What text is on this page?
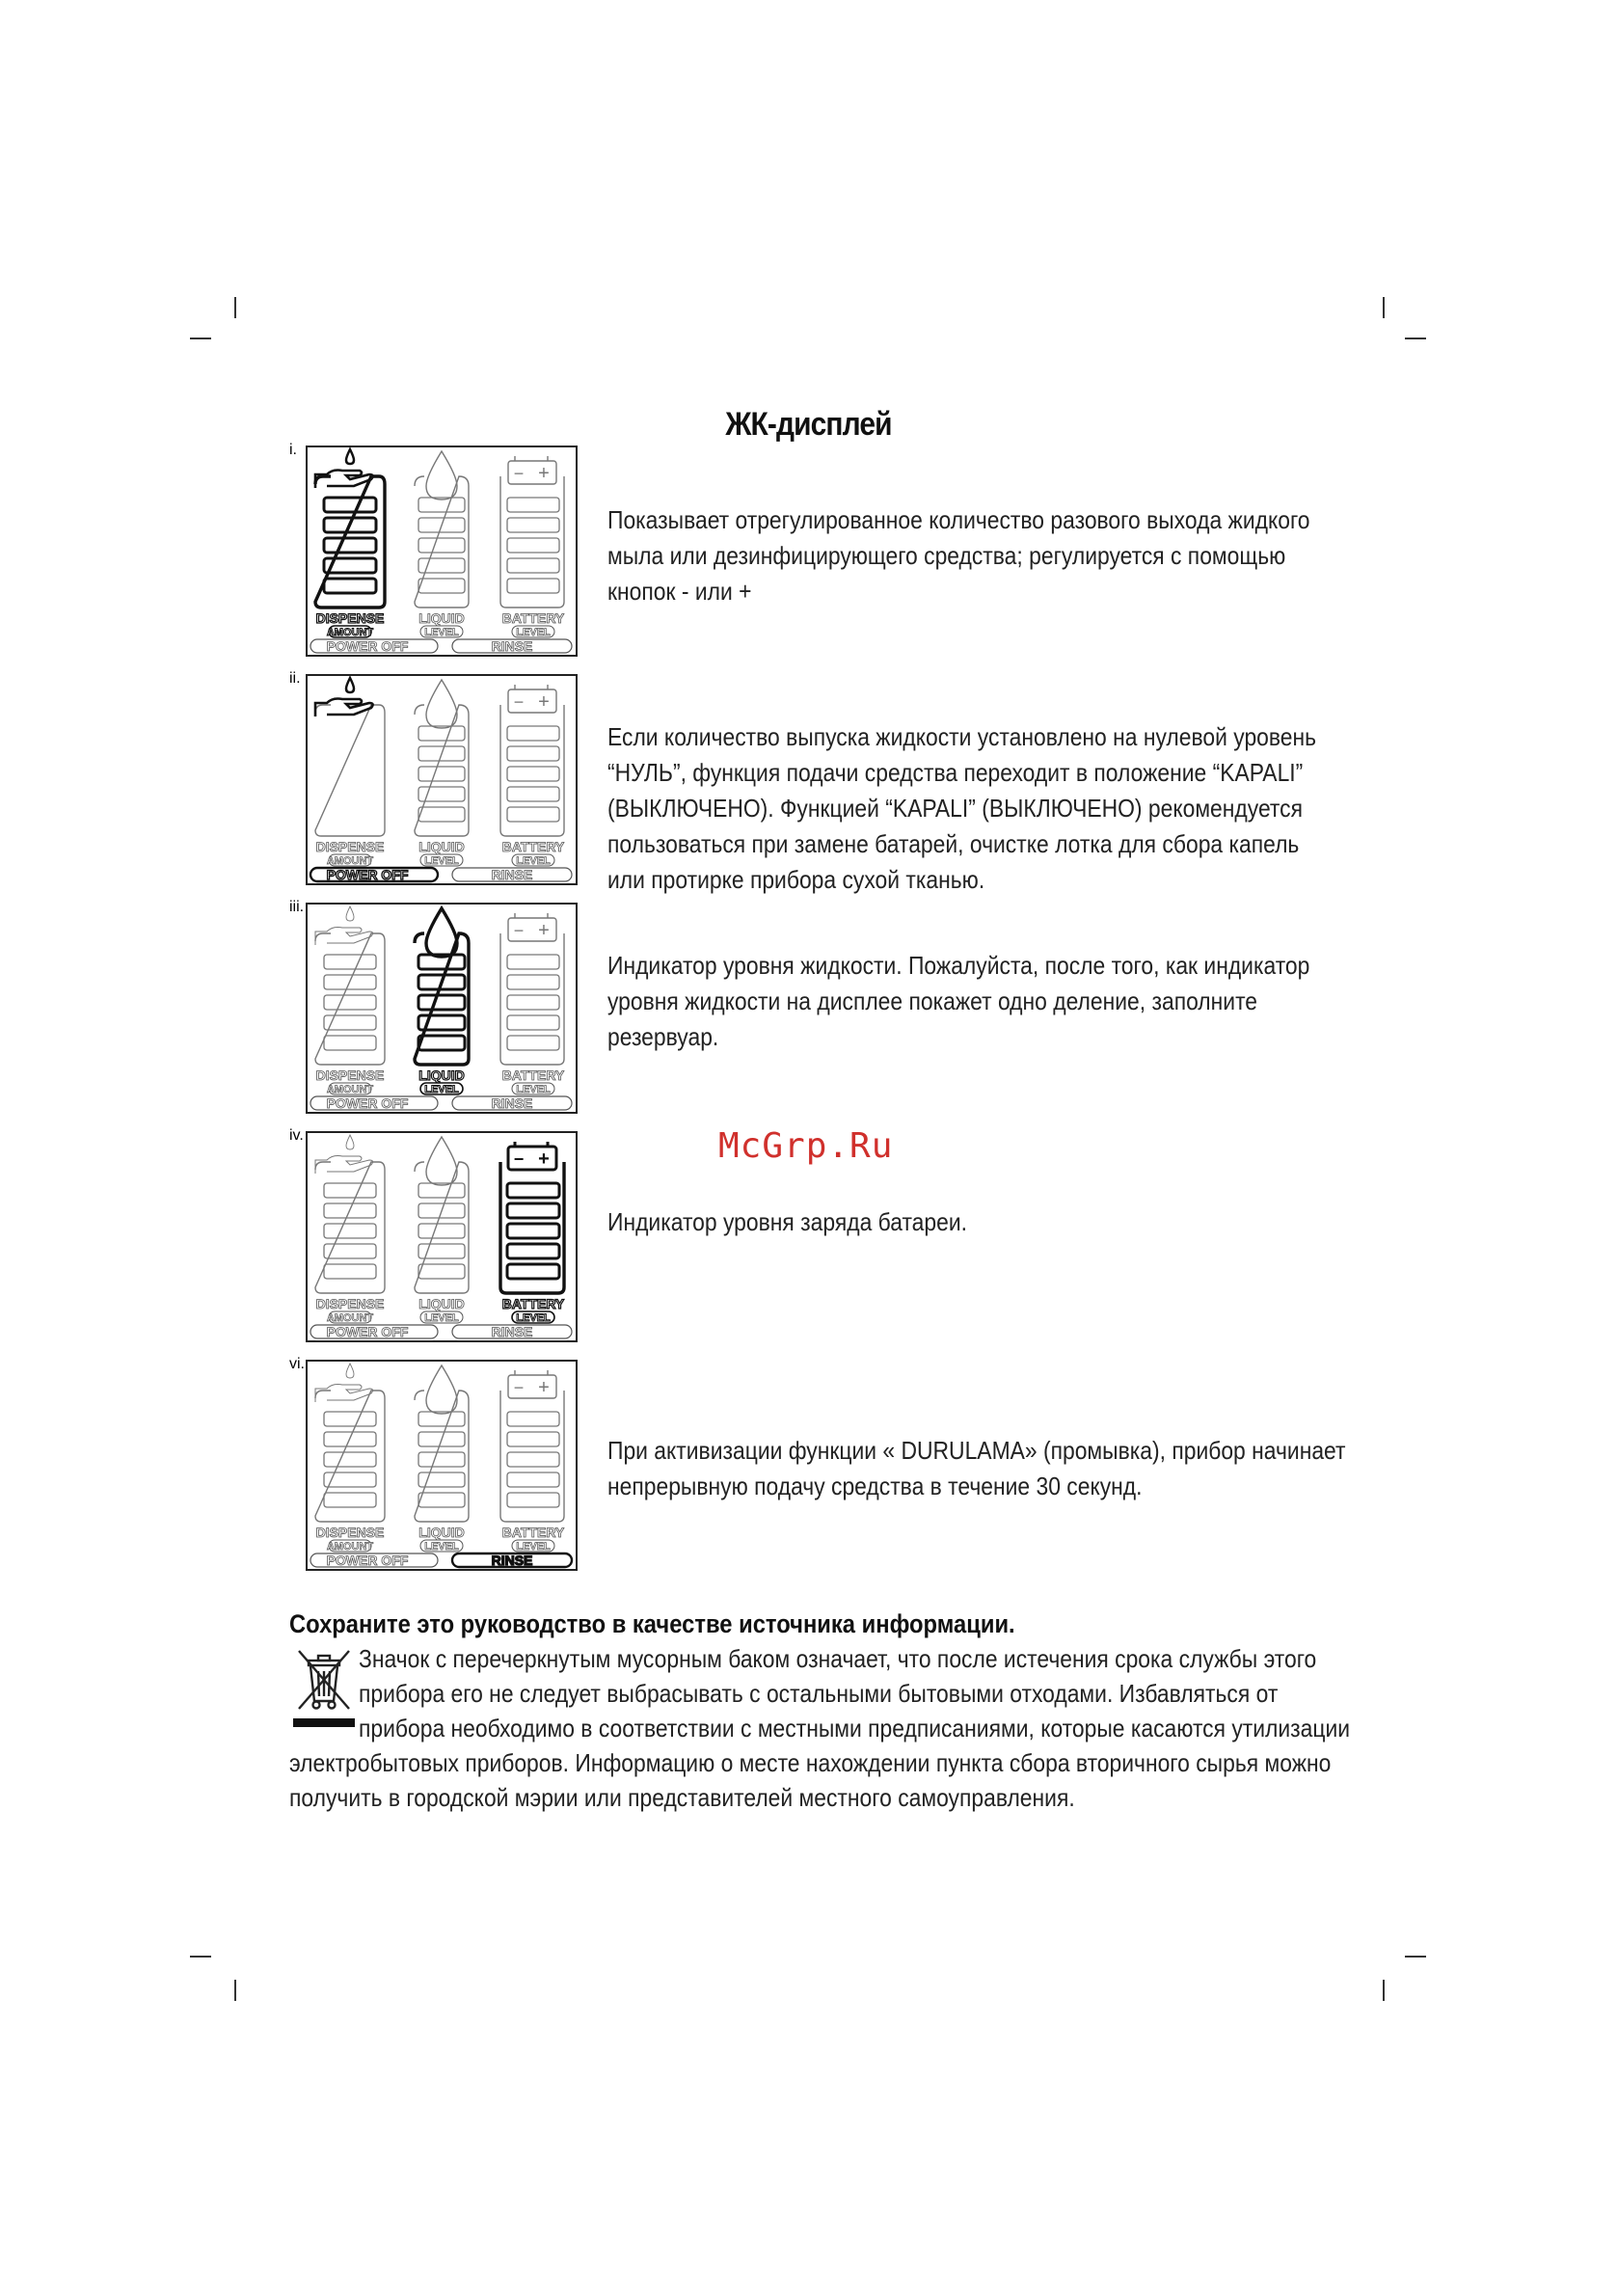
ЖК-дисплей
i.
DISPENSE
AMOUNT
LIQUID
LEVEL
− +
BATTERY
LEVEL
POWER OFF	RINSE
Показывает отрегулированное количество разового выхода жидкого
мыла или дезинфицирующего средства; регулируется с помощью
кнопок - или +
ii.
DISPENSE
AMOUNT
LIQUID
LEVEL
− +
BATTERY
LEVEL
POWER OFF	RINSE
Если количество выпуска жидкости установлено на нулевой уровень
“НУЛЬ”, функция подачи средства переходит в положение “KAPALI”
(ВЫКЛЮЧЕНО). Функцией “KAPALI” (ВЫКЛЮЧЕНО) рекомендуется
пользоваться при замене батарей, очистке лотка для сбора капель
или протирке прибора сухой тканью.
iii.
DISPENSE
AMOUNT
LIQUID
LEVEL
− +
BATTERY
LEVEL
POWER OFF	RINSE
Индикатор уровня жидкости. Пожалуйста, после того, как индикатор
уровня жидкости на дисплее покажет одно деление, заполните
резервуар.
iv.
DISPENSE
AMOUNT
LIQUID
LEVEL
− +
BATTERY
LEVEL
POWER OFF	RINSE
Индикатор уровня заряда батареи.
vi.
DISPENSE
AMOUNT
LIQUID
LEVEL
− +
BATTERY
LEVEL
POWER OFF	RINSE
При активизации функции « DURULAMA» (промывка), прибор начинает
непрерывную подачу средства в течение 30 секунд.
McGrp.Ru
Сохраните это руководство в качестве источника информации.
Значок с перечеркнутым мусорным баком означает, что после истечения срока службы этого
прибора его не следует выбрасывать с остальными бытовыми отходами. Избавляться от
прибора необходимо в соответствии с местными предписаниями, которые касаются утилизации
электробытовых приборов. Информацию о месте нахождении пункта сбора вторичного сырья можно
получить в городской мэрии или представителей местного самоуправления.
